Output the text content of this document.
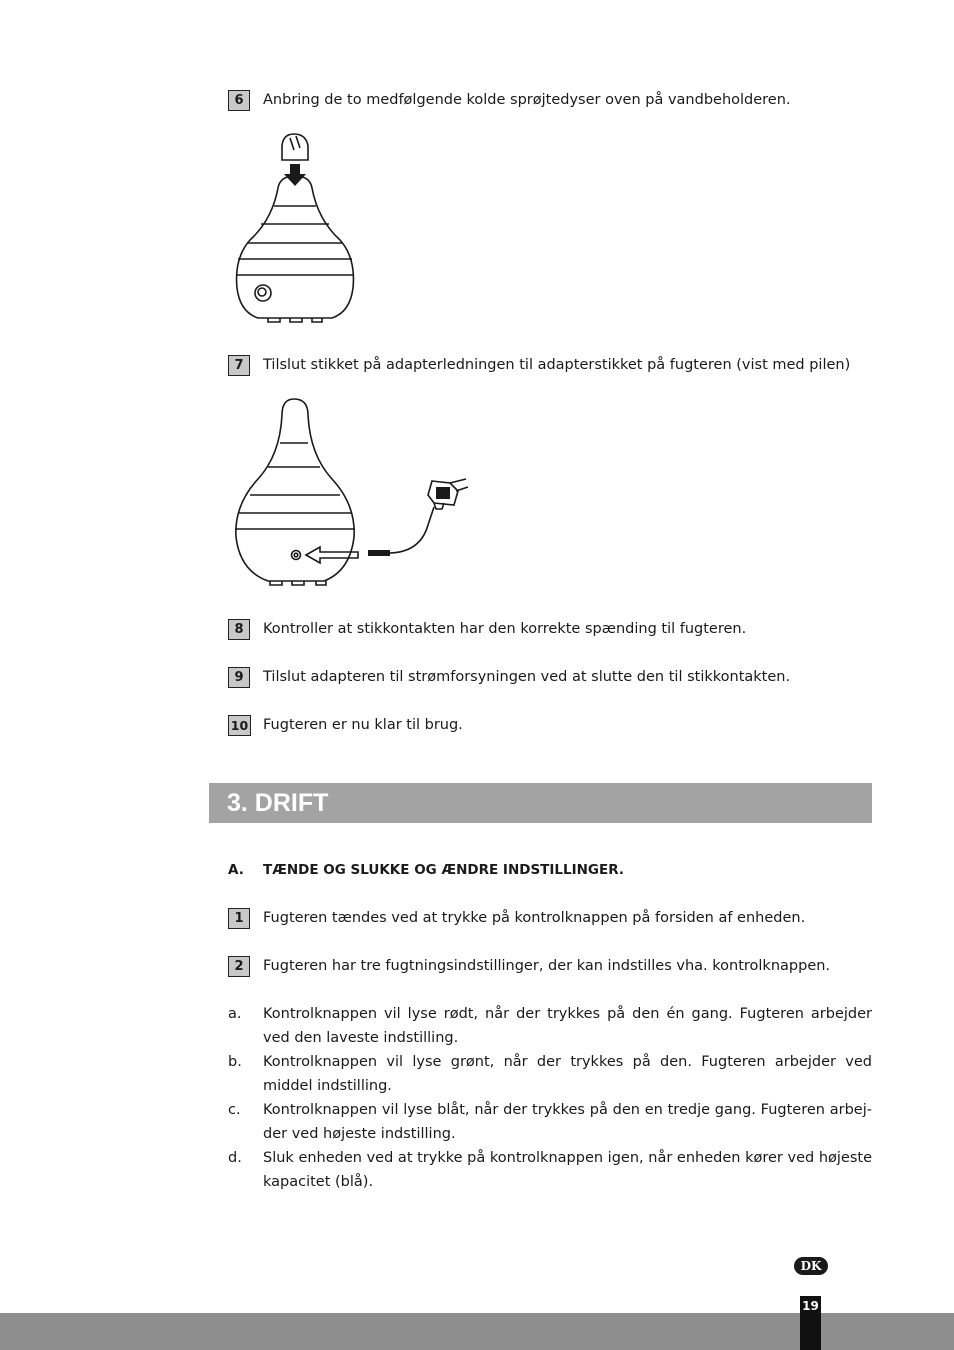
6	Anbring de to medfølgende kolde sprøjtedyser oven på vandbeholderen.
7	Tilslut stikket på adapterledningen til adapterstikket på fugteren (vist med pilen)
8	Kontroller at stikkontakten har den korrekte spænding til fugteren.
9	Tilslut adapteren til strømforsyningen ved at slutte den til stikkontakten.
10 Fugteren er nu klar til brug.
3. DRIFT
A. TÆNDE OG SLUKKE OG ÆNDRE INDSTILLINGER.
1	Fugteren tændes ved at trykke på kontrolknappen på forsiden af enheden.
2	Fugteren har tre fugtningsindstillinger, der kan indstilles vha. kontrolknappen.
a. Kontrolknappen vil lyse rødt, når der trykkes på den én gang. Fugteren arbejder ved den laveste indstilling.
b. Kontrolknappen vil lyse grønt, når der trykkes på den. Fugteren arbejder ved middel indstilling.
c. Kontrolknappen vil lyse blåt, når der trykkes på den en tredje gang. Fugteren arbej-der ved højeste indstilling.
d. Sluk enheden ved at trykke på kontrolknappen igen, når enheden kører ved højeste kapacitet (blå).
DK
19
